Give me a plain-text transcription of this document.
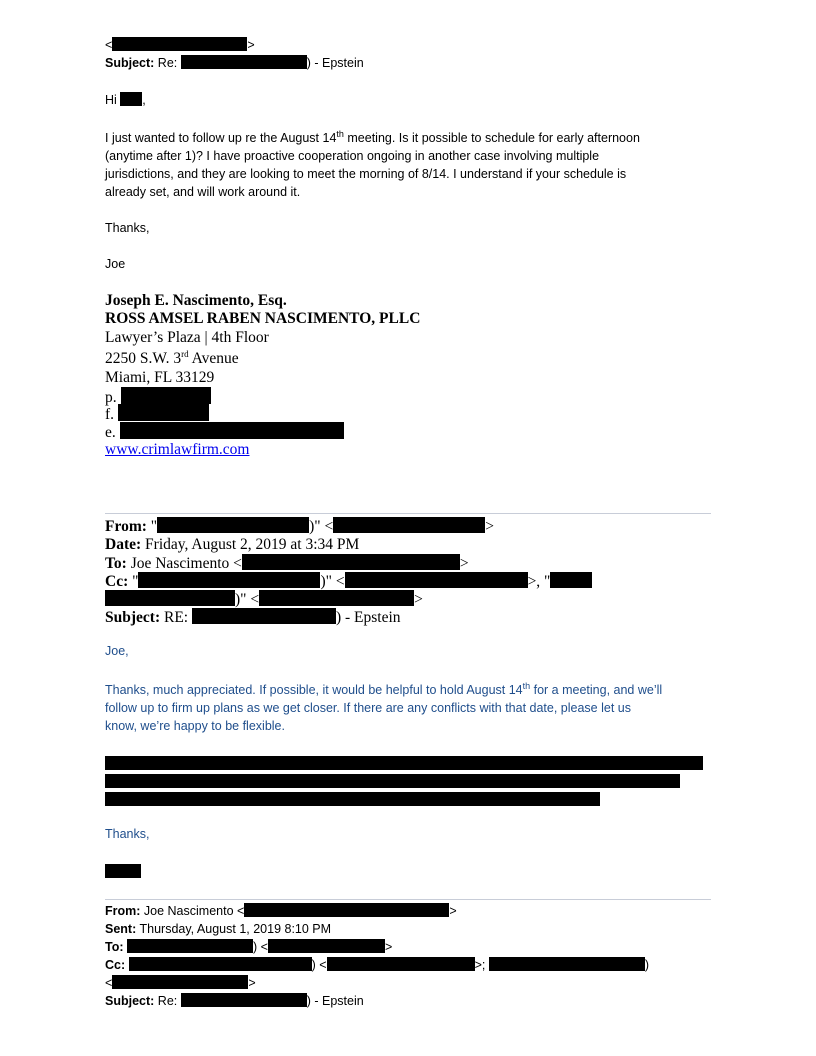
<	>
Subject: Re:	) - Epstein
Hi ,
I just wanted to follow up re the August 14th meeting. Is it possible to schedule for early afternoon
(anytime after 1)? I have proactive cooperation ongoing in another case involving multiple
jurisdictions, and they are looking to meet the morning of 8/14. I understand if your schedule is
already set, and will work around it.
Thanks,
Joe
Joseph E. Nascimento, Esq.
ROSS AMSEL RABEN NASCIMENTO, PLLC
Lawyer’s Plaza | 4th Floor
2250 S.W. 3rd Avenue
Miami, FL 33129
p.
f.
e.
www.crimlawfirm.com
From: "	)" <	>
Date: Friday, August 2, 2019 at 3:34 PM
To: Joe Nascimento <	>
Cc: "	)" <	>, "
)" <	>
Subject: RE:	) - Epstein
Joe,
Thanks, much appreciated. If possible, it would be helpful to hold August 14th for a meeting, and we’ll
follow up to firm up plans as we get closer. If there are any conflicts with that date, please let us
know, we’re happy to be flexible.
Thanks,
From: Joe Nascimento <	>
Sent: Thursday, August 1, 2019 8:10 PM
To:	) <	>
Cc:	) <	>;	)
<	>
Subject: Re:	) - Epstein
